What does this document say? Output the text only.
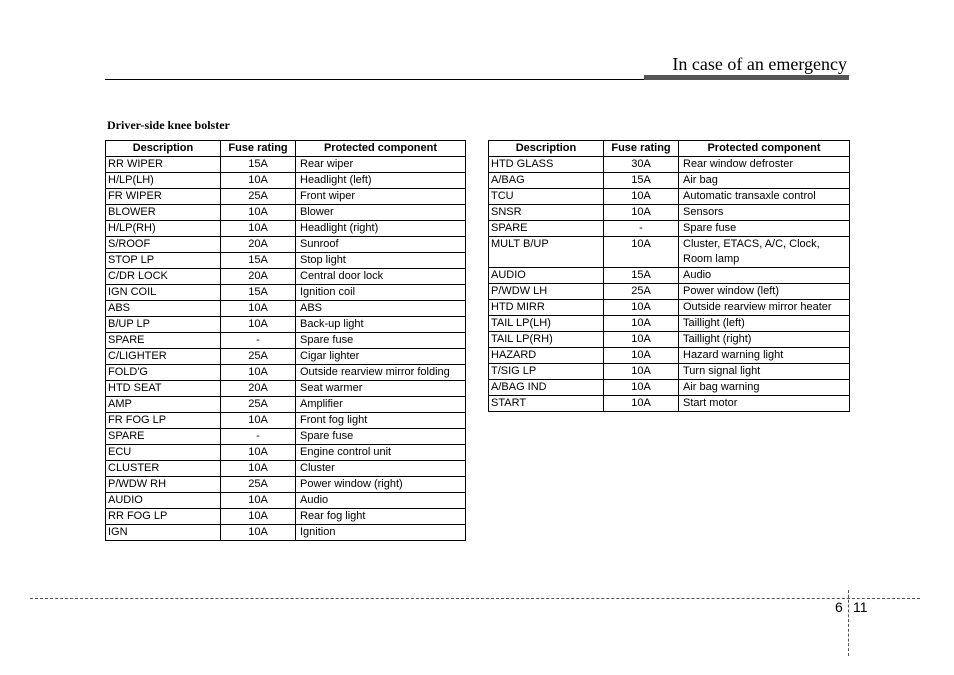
In case of an emergency
Driver-side knee bolster
Description	Fuse rating	Protected component
RR WIPER	15A	Rear wiper
H/LP(LH)	10A	Headlight (left)
FR WIPER	25A	Front wiper
BLOWER	10A	Blower
H/LP(RH)	10A	Headlight (right)
S/ROOF	20A	Sunroof
STOP LP	15A	Stop light
C/DR LOCK	20A	Central door lock
IGN COIL	15A	Ignition coil
ABS	10A	ABS
B/UP LP	10A	Back-up light
SPARE	-	Spare fuse
C/LIGHTER	25A	Cigar lighter
FOLD'G	10A	Outside rearview mirror folding
HTD SEAT	20A	Seat warmer
AMP	25A	Amplifier
FR FOG LP	10A	Front fog light
SPARE	-	Spare fuse
ECU	10A	Engine control unit
CLUSTER	10A	Cluster
P/WDW RH	25A	Power window (right)
AUDIO	10A	Audio
RR FOG LP	10A	Rear fog light
IGN	10A	Ignition
Description	Fuse rating	Protected component
HTD GLASS	30A	Rear window defroster
A/BAG	15A	Air bag
TCU	10A	Automatic transaxle control
SNSR	10A	Sensors
SPARE	-	Spare fuse
MULT B/UP	10A	Cluster, ETACS, A/C, Clock,
Room lamp

AUDIO	15A	Audio
P/WDW LH	25A	Power window (left)
HTD MIRR	10A	Outside rearview mirror heater
TAIL LP(LH)	10A	Taillight (left)
TAIL LP(RH)	10A	Taillight (right)
HAZARD	10A	Hazard warning light
T/SIG LP	10A	Turn signal light
A/BAG IND	10A	Air bag warning
START	10A	Start motor
6 11
